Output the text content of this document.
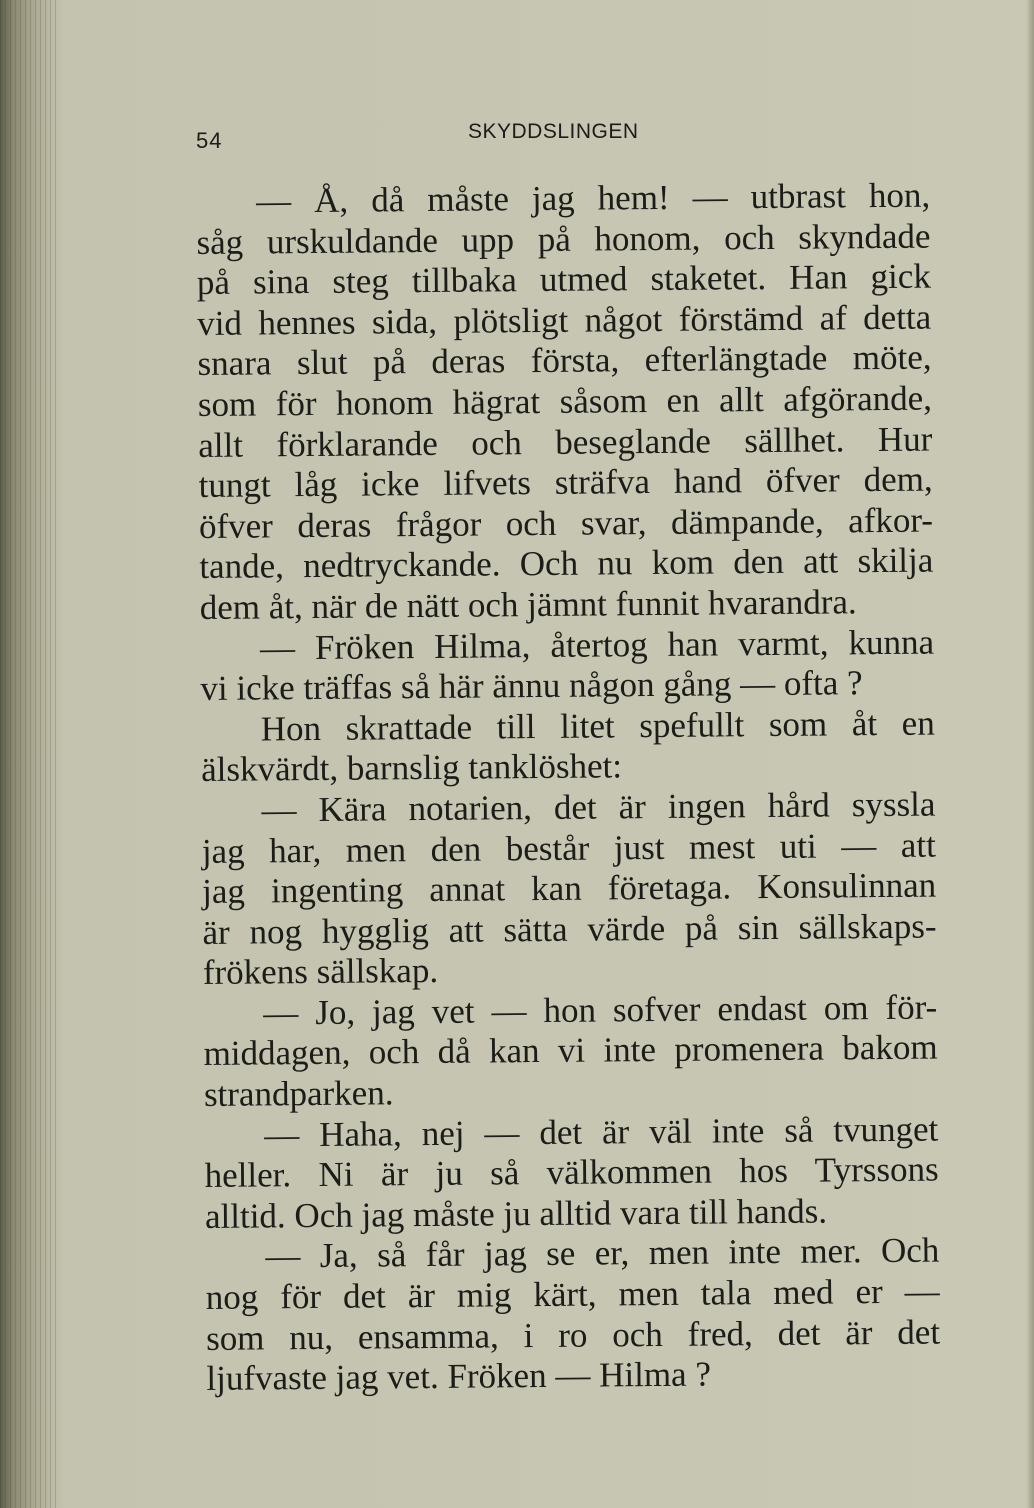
54	SKYDDSLINGEN
— Å, då måste jag hem! — utbrast hon,
såg urskuldande upp på honom, och skyndade
på sina steg tillbaka utmed staketet. Han gick
vid hennes sida, plötsligt något förstämd af detta
snara slut på deras första, efterlängtade möte,
som för honom hägrat såsom en allt afgörande,
allt förklarande och beseglande sällhet. Hur
tungt låg icke lifvets sträfva hand öfver dem,
öfver deras frågor och svar, dämpande, afkor-
tande, nedtryckande. Och nu kom den att skilja
dem åt, när de nätt och jämnt funnit hvarandra.
— Fröken Hilma, återtog han varmt, kunna
vi icke träffas så här ännu någon gång — ofta ?
Hon skrattade till litet spefullt som åt en
älskvärdt, barnslig tanklöshet:
— Kära notarien, det är ingen hård syssla
jag har, men den består just mest uti — att
jag ingenting annat kan företaga. Konsulinnan
är nog hygglig att sätta värde på sin sällskaps-
frökens sällskap.
— Jo, jag vet — hon sofver endast om för-
middagen, och då kan vi inte promenera bakom
strandparken.
— Haha, nej — det är väl inte så tvunget
heller. Ni är ju så välkommen hos Tyrssons
alltid. Och jag måste ju alltid vara till hands.
— Ja, så får jag se er, men inte mer. Och
nog för det är mig kärt, men tala med er —
som nu, ensamma, i ro och fred, det är det
ljufvaste jag vet. Fröken — Hilma ?
